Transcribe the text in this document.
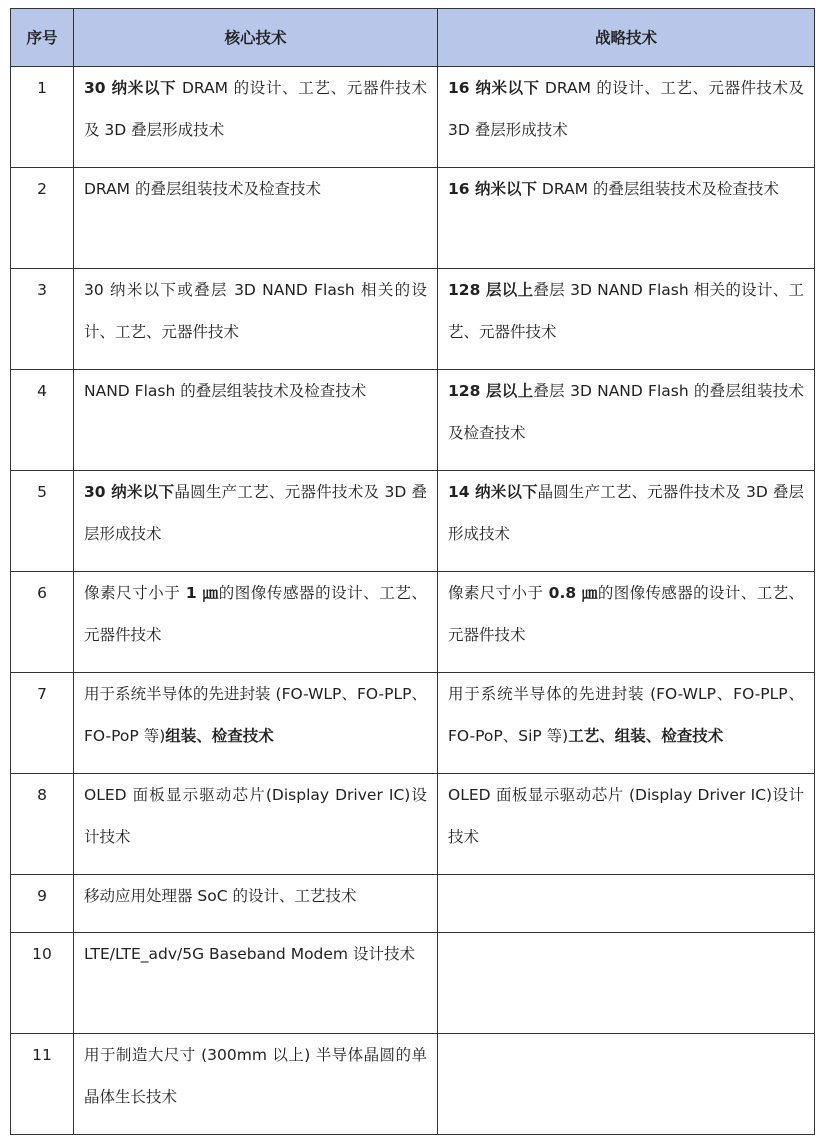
序号	核心技术	战略技术
1	30 纳米以下 DRAM 的设计、工艺、元器件技术及 3D 叠层形成技术	16 纳米以下 DRAM 的设计、工艺、元器件技术及 3D 叠层形成技术
2	DRAM 的叠层组装技术及检查技术	16 纳米以下 DRAM 的叠层组装技术及检查技术
3	30 纳米以下或叠层 3D NAND Flash 相关的设计、工艺、元器件技术	128 层以上叠层 3D NAND Flash 相关的设计、工艺、元器件技术
4	NAND Flash 的叠层组装技术及检查技术	128 层以上叠层 3D NAND Flash 的叠层组装技术及检查技术
5	30 纳米以下晶圆生产工艺、元器件技术及 3D 叠层形成技术	14 纳米以下晶圆生产工艺、元器件技术及 3D 叠层形成技术
6	像素尺寸小于 1 ㎛的图像传感器的设计、工艺、元器件技术	像素尺寸小于 0.8 ㎛的图像传感器的设计、工艺、元器件技术
7	用于系统半导体的先进封装 (FO-WLP、FO-PLP、FO-PoP 等)组装、检查技术	用于系统半导体的先进封装 (FO-WLP、FO-PLP、FO-PoP、SiP 等)工艺、组装、检查技术
8	OLED 面板显示驱动芯片(Display Driver IC)设计技术	OLED 面板显示驱动芯片 (Display Driver IC)设计技术
9	移动应用处理器 SoC 的设计、工艺技术	
10	LTE/LTE_adv/5G Baseband Modem 设计技术	
11	用于制造大尺寸 (300mm 以上) 半导体晶圆的单晶体生长技术	
